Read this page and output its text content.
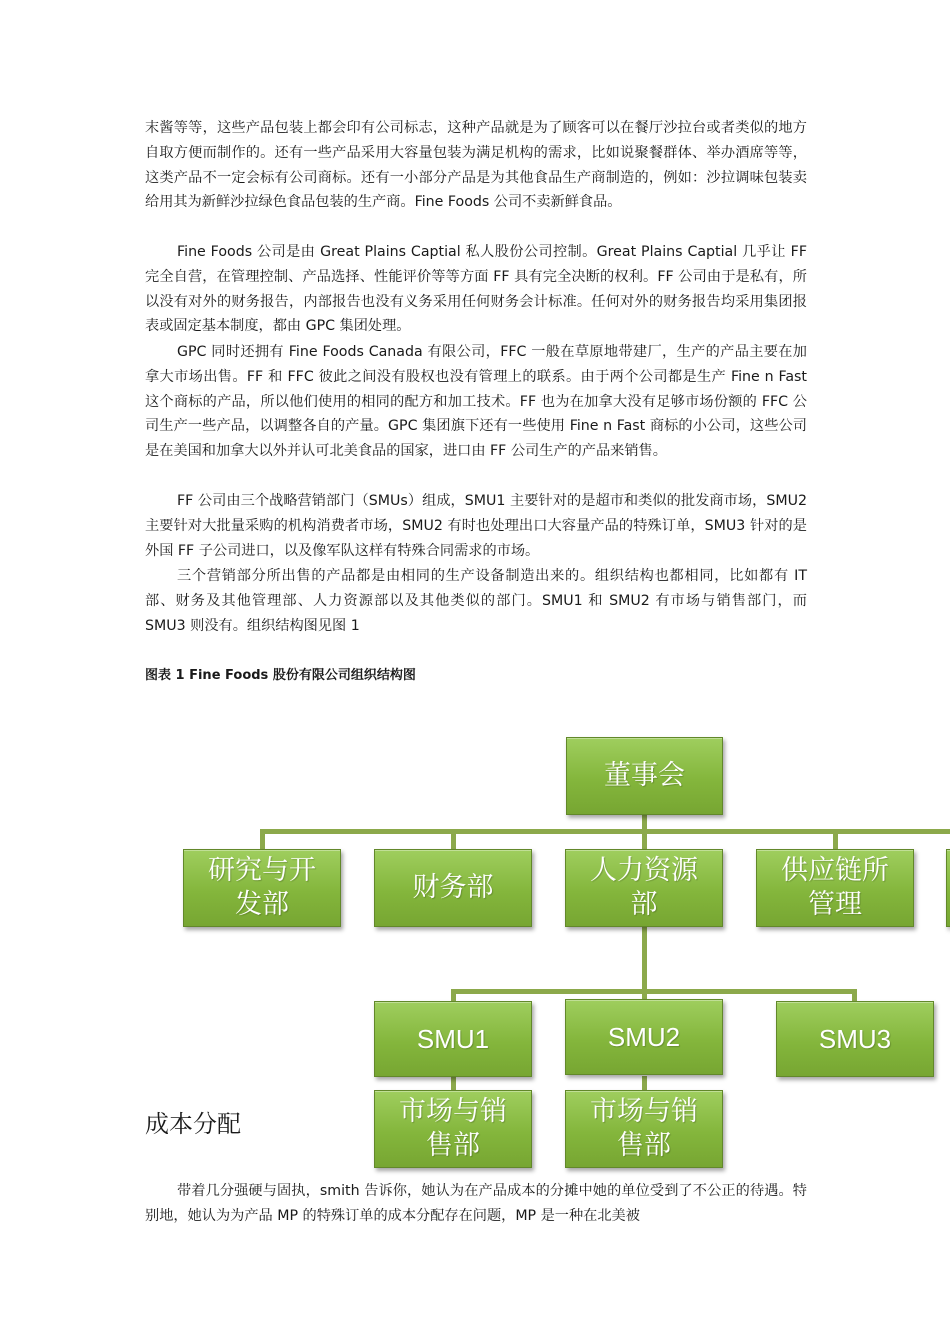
末酱等等，这些产品包装上都会印有公司标志，这种产品就是为了顾客可以在餐厅沙拉台或者类似的地方自取方便而制作的。还有一些产品采用大容量包装为满足机构的需求，比如说聚餐群体、举办酒席等等，这类产品不一定会标有公司商标。还有一小部分产品是为其他食品生产商制造的，例如：沙拉调味包装卖给用其为新鲜沙拉绿色食品包装的生产商。Fine Foods 公司不卖新鲜食品。

Fine Foods 公司是由 Great Plains Captial 私人股份公司控制。Great Plains Captial 几乎让 FF 完全自营，在管理控制、产品选择、性能评价等等方面 FF 具有完全决断的权利。FF 公司由于是私有，所以没有对外的财务报告，内部报告也没有义务采用任何财务会计标准。任何对外的财务报告均采用集团报表或固定基本制度，都由 GPC 集团处理。

GPC 同时还拥有 Fine Foods Canada 有限公司，FFC 一般在草原地带建厂，生产的产品主要在加拿大市场出售。FF 和 FFC 彼此之间没有股权也没有管理上的联系。由于两个公司都是生产 Fine n Fast 这个商标的产品，所以他们使用的相同的配方和加工技术。FF 也为在加拿大没有足够市场份额的 FFC 公司生产一些产品，以调整各自的产量。GPC 集团旗下还有一些使用 Fine n Fast 商标的小公司，这些公司是在美国和加拿大以外并认可北美食品的国家，进口由 FF 公司生产的产品来销售。

FF 公司由三个战略营销部门（SMUs）组成，SMU1 主要针对的是超市和类似的批发商市场，SMU2 主要针对大批量采购的机构消费者市场，SMU2 有时也处理出口大容量产品的特殊订单，SMU3 针对的是外国 FF 子公司进口，以及像军队这样有特殊合同需求的市场。

三个营销部分所出售的产品都是由相同的生产设备制造出来的。组织结构也都相同，比如都有 IT 部、财务及其他管理部、人力资源部以及其他类似的部门。SMU1 和 SMU2 有市场与销售部门，而 SMU3 则没有。组织结构图见图 1

图表 1 Fine Foods 股份有限公司组织结构图

董事会
研究与开
发部
财务部
人力资源
部
供应链所
管理
SMU1	SMU2	SMU3
市场与销
售部
市场与销
售部
成本分配

带着几分强硬与固执，smith 告诉你，她认为在产品成本的分摊中她的单位受到了不公正的待遇。特别地，她认为为产品 MP 的特殊订单的成本分配存在问题，MP 是一种在北美被
